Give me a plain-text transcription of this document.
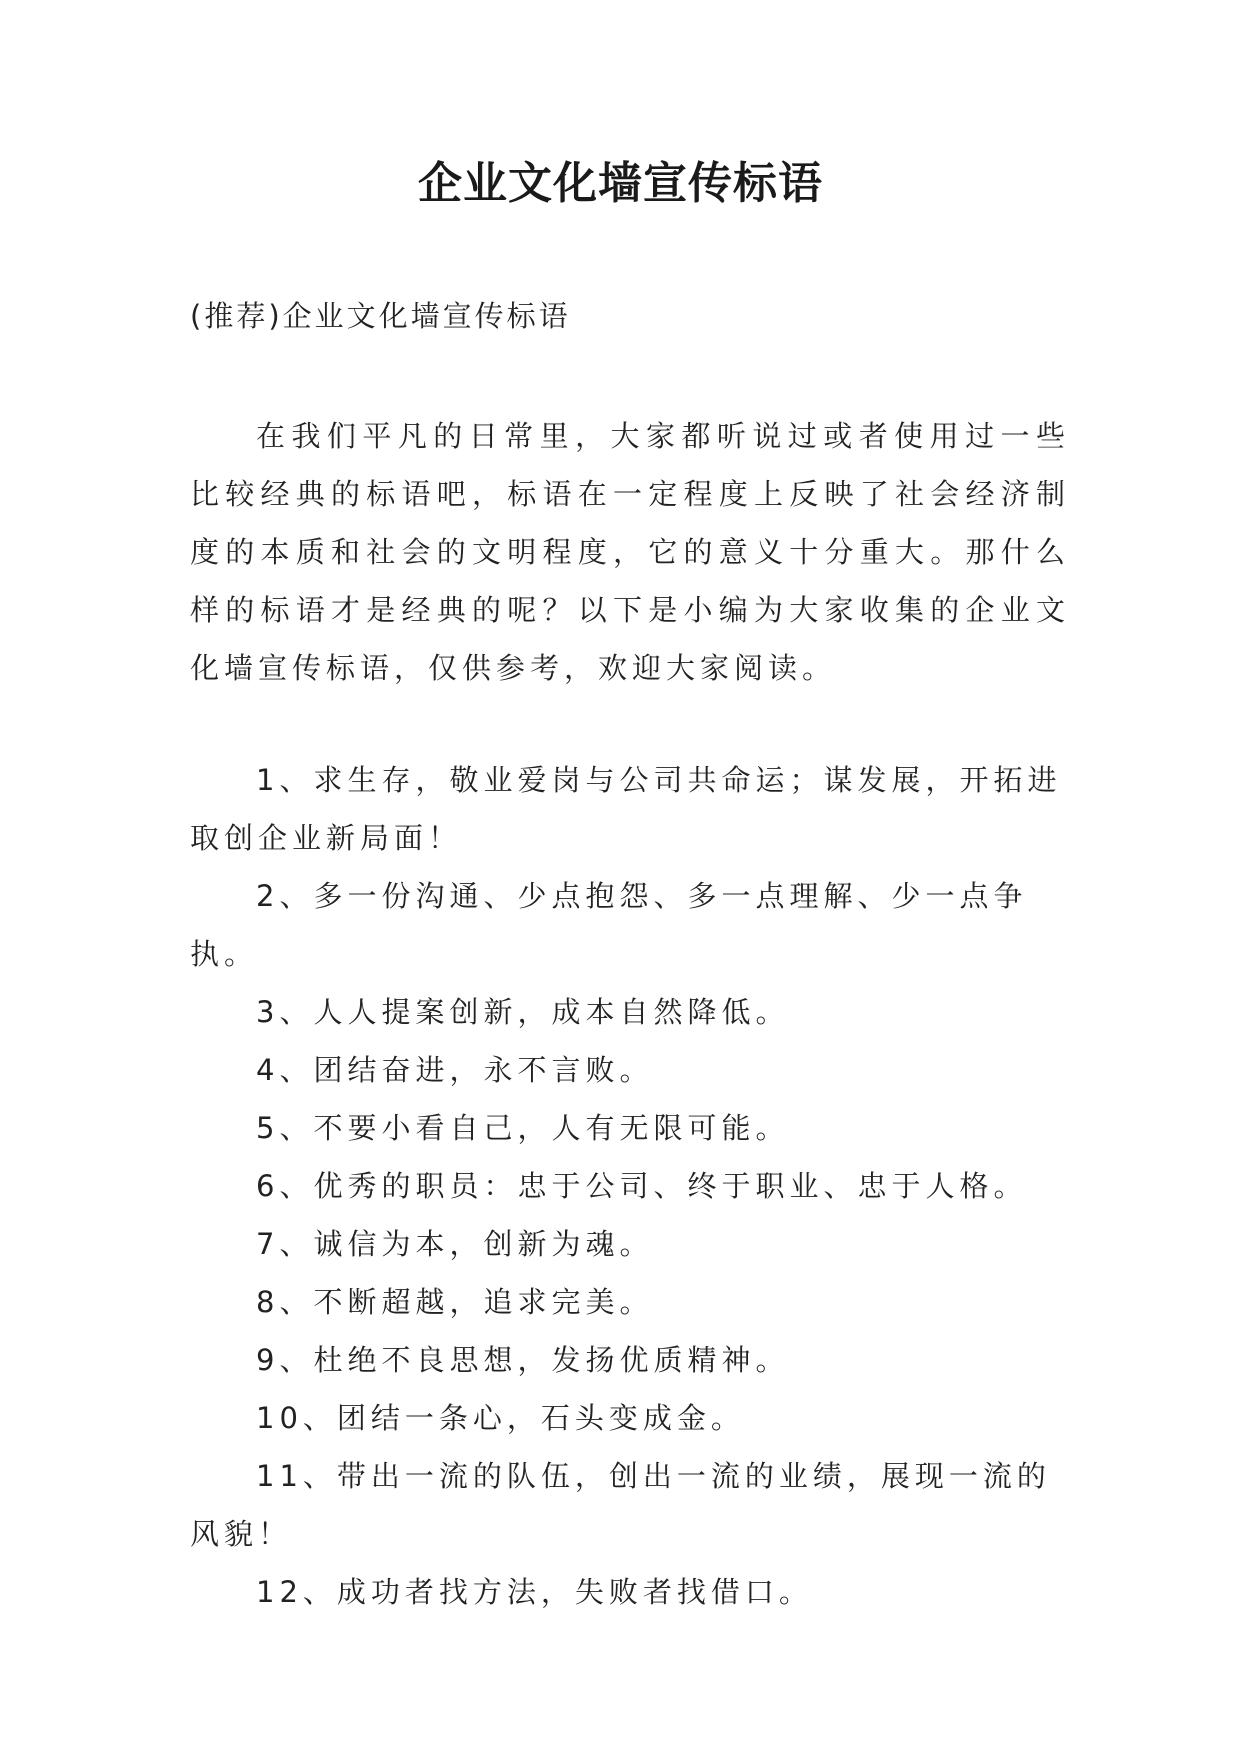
企业文化墙宣传标语

(推荐)企业文化墙宣传标语

在我们平凡的日常里，大家都听说过或者使用过一些比较经典的标语吧，标语在一定程度上反映了社会经济制度的本质和社会的文明程度，它的意义十分重大。那什么样的标语才是经典的呢？以下是小编为大家收集的企业文化墙宣传标语，仅供参考，欢迎大家阅读。

1、求生存，敬业爱岗与公司共命运；谋发展，开拓进取创企业新局面！
2、多一份沟通、少点抱怨、多一点理解、少一点争执。
3、人人提案创新，成本自然降低。
4、团结奋进，永不言败。
5、不要小看自己，人有无限可能。
6、优秀的职员：忠于公司、终于职业、忠于人格。
7、诚信为本，创新为魂。
8、不断超越，追求完美。
9、杜绝不良思想，发扬优质精神。
10、团结一条心，石头变成金。
11、带出一流的队伍，创出一流的业绩，展现一流的风貌！
12、成功者找方法，失败者找借口。
